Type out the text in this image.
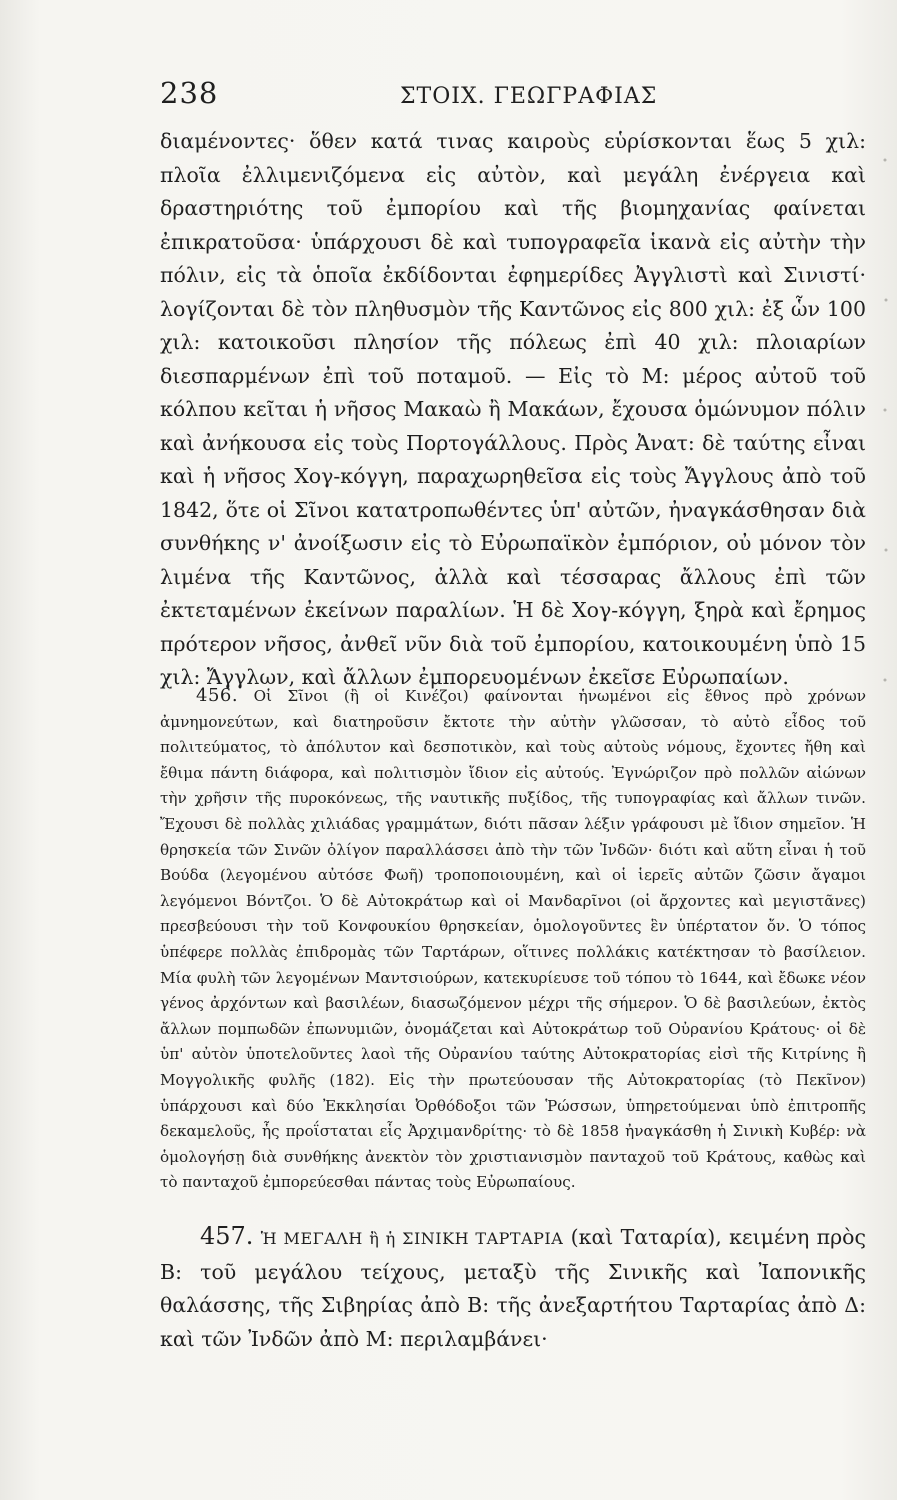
238	ΣΤΟΙΧ. ΓΕΩΓΡΑΦΙΑΣ

διαμένοντες· ὅθεν κατά τινας καιροὺς εὑρίσκονται ἕως 5 χιλ: πλοῖα ἐλλιμενιζόμενα εἰς αὐτὸν, καὶ μεγάλη ἐνέργεια καὶ δραστηριότης τοῦ ἐμπορίου καὶ τῆς βιομηχανίας φαίνεται ἐπικρατοῦσα· ὑπάρχουσι δὲ καὶ τυπογραφεῖα ἱκανὰ εἰς αὐτὴν τὴν πόλιν, εἰς τὰ ὁποῖα ἐκδίδονται ἐφημερίδες Ἀγγλιστὶ καὶ Σινιστί· λογίζονται δὲ τὸν πληθυσμὸν τῆς Καντῶνος εἰς 800 χιλ: ἐξ ὧν 100 χιλ: κατοικοῦσι πλησίον τῆς πόλεως ἐπὶ 40 χιλ: πλοιαρίων διεσπαρμένων ἐπὶ τοῦ ποταμοῦ. — Εἰς τὸ Μ: μέρος αὐτοῦ τοῦ κόλπου κεῖται ἡ νῆσος Μακαὼ ἢ Μακάων, ἔχουσα ὁμώνυμον πόλιν καὶ ἀνήκουσα εἰς τοὺς Πορτογάλλους. Πρὸς Ἀνατ: δὲ ταύτης εἶναι καὶ ἡ νῆσος Χογ-κόγγη, παραχωρηθεῖσα εἰς τοὺς Ἄγγλους ἀπὸ τοῦ 1842, ὅτε οἱ Σῖνοι κατατροπωθέντες ὑπ' αὐτῶν, ἠναγκάσθησαν διὰ συνθήκης ν' ἀνοίξωσιν εἰς τὸ Εὐρωπαϊκὸν ἐμπόριον, οὐ μόνον τὸν λιμένα τῆς Καντῶνος, ἀλλὰ καὶ τέσσαρας ἄλλους ἐπὶ τῶν ἐκτεταμένων ἐκείνων παραλίων. Ἡ δὲ Χογ-κόγγη, ξηρὰ καὶ ἔρημος πρότερον νῆσος, ἀνθεῖ νῦν διὰ τοῦ ἐμπορίου, κατοικουμένη ὑπὸ 15 χιλ: Ἄγγλων, καὶ ἄλλων ἐμπορευομένων ἐκεῖσε Εὐρωπαίων.

456. Οἱ Σῖνοι (ἢ οἱ Κινέζοι) φαίνονται ἡνωμένοι εἰς ἔθνος πρὸ χρόνων ἀμνημονεύτων, καὶ διατηροῦσιν ἔκτοτε τὴν αὐτὴν γλῶσσαν, τὸ αὐτὸ εἶδος τοῦ πολιτεύματος, τὸ ἀπόλυτον καὶ δεσποτικὸν, καὶ τοὺς αὐτοὺς νόμους, ἔχοντες ἤθη καὶ ἔθιμα πάντη διάφορα, καὶ πολιτισμὸν ἴδιον εἰς αὐτούς. Ἐγνώριζον πρὸ πολλῶν αἰώνων τὴν χρῆσιν τῆς πυροκόνεως, τῆς ναυτικῆς πυξίδος, τῆς τυπογραφίας καὶ ἄλλων τινῶν. Ἔχουσι δὲ πολλὰς χιλιάδας γραμμάτων, διότι πᾶσαν λέξιν γράφουσι μὲ ἴδιον σημεῖον. Ἡ θρησκεία τῶν Σινῶν ὀλίγον παραλλάσσει ἀπὸ τὴν τῶν Ἰνδῶν· διότι καὶ αὕτη εἶναι ἡ τοῦ Βούδα (λεγομένου αὐτόσε Φωῆ) τροποποιουμένη, καὶ οἱ ἱερεῖς αὐτῶν ζῶσιν ἄγαμοι λεγόμενοι Βόντζοι. Ὁ δὲ Αὐτοκράτωρ καὶ οἱ Μανδαρῖνοι (οἱ ἄρχοντες καὶ μεγιστᾶνες) πρεσβεύουσι τὴν τοῦ Κονφουκίου θρησκείαν, ὁμολογοῦντες ἓν ὑπέρτατον ὄν. Ὁ τόπος ὑπέφερε πολλὰς ἐπιδρομὰς τῶν Ταρτάρων, οἵτινες πολλάκις κατέκτησαν τὸ βασίλειον. Μία φυλὴ τῶν λεγομένων Μαντσιούρων, κατεκυρίευσε τοῦ τόπου τὸ 1644, καὶ ἔδωκε νέον γένος ἀρχόντων καὶ βασιλέων, διασωζόμενον μέχρι τῆς σήμερον. Ὁ δὲ βασιλεύων, ἐκτὸς ἄλλων πομπωδῶν ἐπωνυμιῶν, ὀνομάζεται καὶ Αὐτοκράτωρ τοῦ Οὐρανίου Κράτους· οἱ δὲ ὑπ' αὐτὸν ὑποτελοῦντες λαοὶ τῆς Οὐρανίου ταύτης Αὐτοκρατορίας εἰσὶ τῆς Κιτρίνης ἢ Μογγολικῆς φυλῆς (182). Εἰς τὴν πρωτεύουσαν τῆς Αὐτοκρατορίας (τὸ Πεκῖνον) ὑπάρχουσι καὶ δύο Ἐκκλησίαι Ὀρθόδοξοι τῶν Ῥώσσων, ὑπηρετούμεναι ὑπὸ ἐπιτροπῆς δεκαμελοῦς, ἧς προΐσταται εἷς Ἀρχιμανδρίτης· τὸ δὲ 1858 ἠναγκάσθη ἡ Σινικὴ Κυβέρ: νὰ ὁμολογήσῃ διὰ συνθήκης ἀνεκτὸν τὸν χριστιανισμὸν πανταχοῦ τοῦ Κράτους, καθὼς καὶ τὸ πανταχοῦ ἐμπορεύεσθαι πάντας τοὺς Εὐρωπαίους.

457. Ἡ ΜΕΓΑΛΗ ἢ ἡ ΣΙΝΙΚΗ ΤΑΡΤΑΡΙΑ (καὶ Ταταρία), κειμένη πρὸς Β: τοῦ μεγάλου τείχους, μεταξὺ τῆς Σινικῆς καὶ Ἰαπονικῆς θαλάσσης, τῆς Σιβηρίας ἀπὸ Β: τῆς ἀνεξαρτήτου Ταρταρίας ἀπὸ Δ: καὶ τῶν Ἰνδῶν ἀπὸ Μ: περιλαμβάνει·
